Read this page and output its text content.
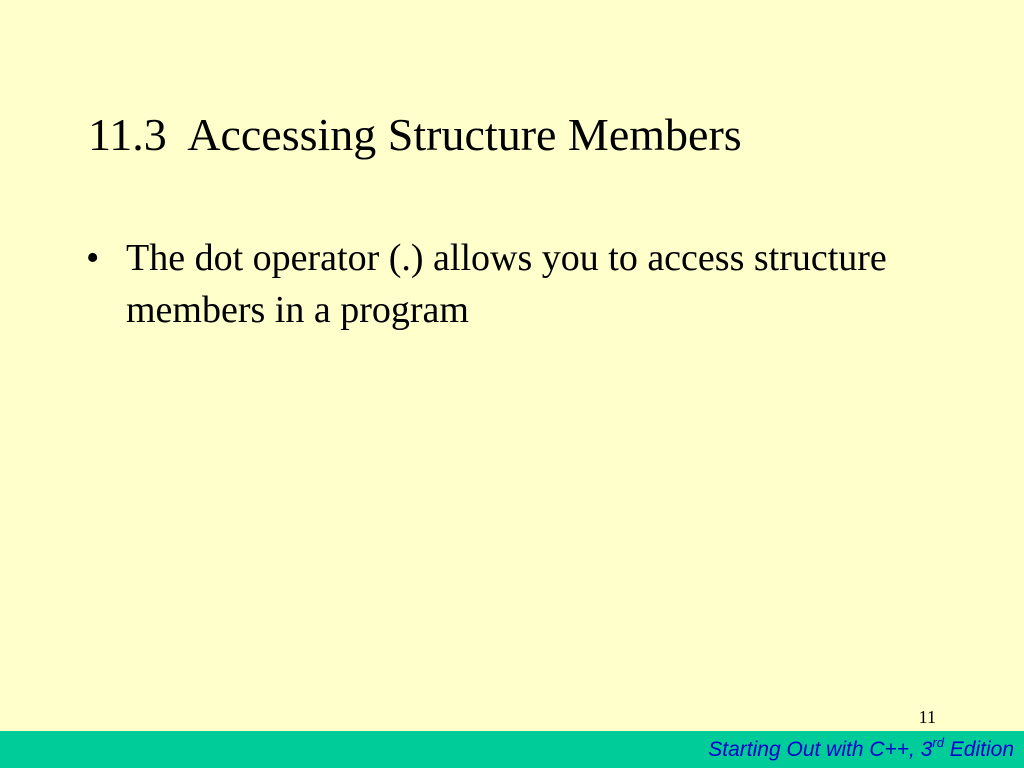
11.3  Accessing Structure Members
• The dot operator (.) allows you to access structure members in a program
11
Starting Out with C++, 3rd Edition
